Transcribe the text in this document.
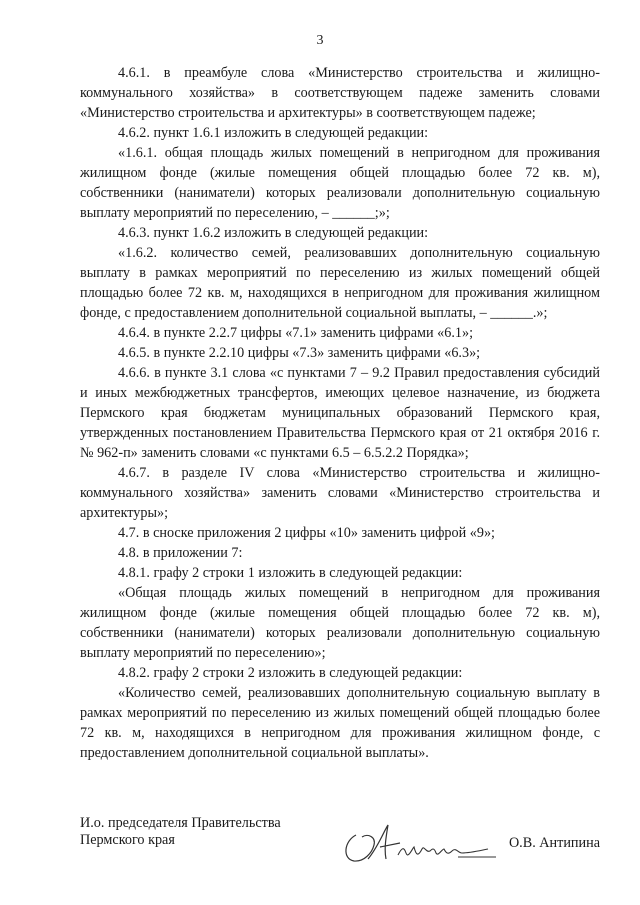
3

4.6.1. в преамбуле слова «Министерство строительства и жилищно-коммунального хозяйства» в соответствующем падеже заменить словами «Министерство строительства и архитектуры» в соответствующем падеже;

4.6.2. пункт 1.6.1 изложить в следующей редакции:

«1.6.1. общая площадь жилых помещений в непригодном для проживания жилищном фонде (жилые помещения общей площадью более 72 кв. м), собственники (наниматели) которых реализовали дополнительную социальную выплату мероприятий по переселению, – ______;»;

4.6.3. пункт 1.6.2 изложить в следующей редакции:

«1.6.2. количество семей, реализовавших дополнительную социальную выплату в рамках мероприятий по переселению из жилых помещений общей площадью более 72 кв. м, находящихся в непригодном для проживания жилищном фонде, с предоставлением дополнительной социальной выплаты, – ______.»;

4.6.4. в пункте 2.2.7 цифры «7.1» заменить цифрами «6.1»;

4.6.5. в пункте 2.2.10 цифры «7.3» заменить цифрами «6.3»;

4.6.6. в пункте 3.1 слова «с пунктами 7 – 9.2 Правил предоставления субсидий и иных межбюджетных трансфертов, имеющих целевое назначение, из бюджета Пермского края бюджетам муниципальных образований Пермского края, утвержденных постановлением Правительства Пермского края от 21 октября 2016 г. № 962-п» заменить словами «с пунктами 6.5 – 6.5.2.2 Порядка»;

4.6.7. в разделе IV слова «Министерство строительства и жилищно-коммунального хозяйства» заменить словами «Министерство строительства и архитектуры»;

4.7. в сноске приложения 2 цифры «10» заменить цифрой «9»;

4.8. в приложении 7:

4.8.1. графу 2 строки 1 изложить в следующей редакции:

«Общая площадь жилых помещений в непригодном для проживания жилищном фонде (жилые помещения общей площадью более 72 кв. м), собственники (наниматели) которых реализовали дополнительную социальную выплату мероприятий по переселению»;

4.8.2. графу 2 строки 2 изложить в следующей редакции:

«Количество семей, реализовавших дополнительную социальную выплату в рамках мероприятий по переселению из жилых помещений общей площадью более 72 кв. м, находящихся в непригодном для проживания жилищном фонде, с предоставлением дополнительной социальной выплаты».

И.о. председателя Правительства
Пермского края	О.В. Антипина
